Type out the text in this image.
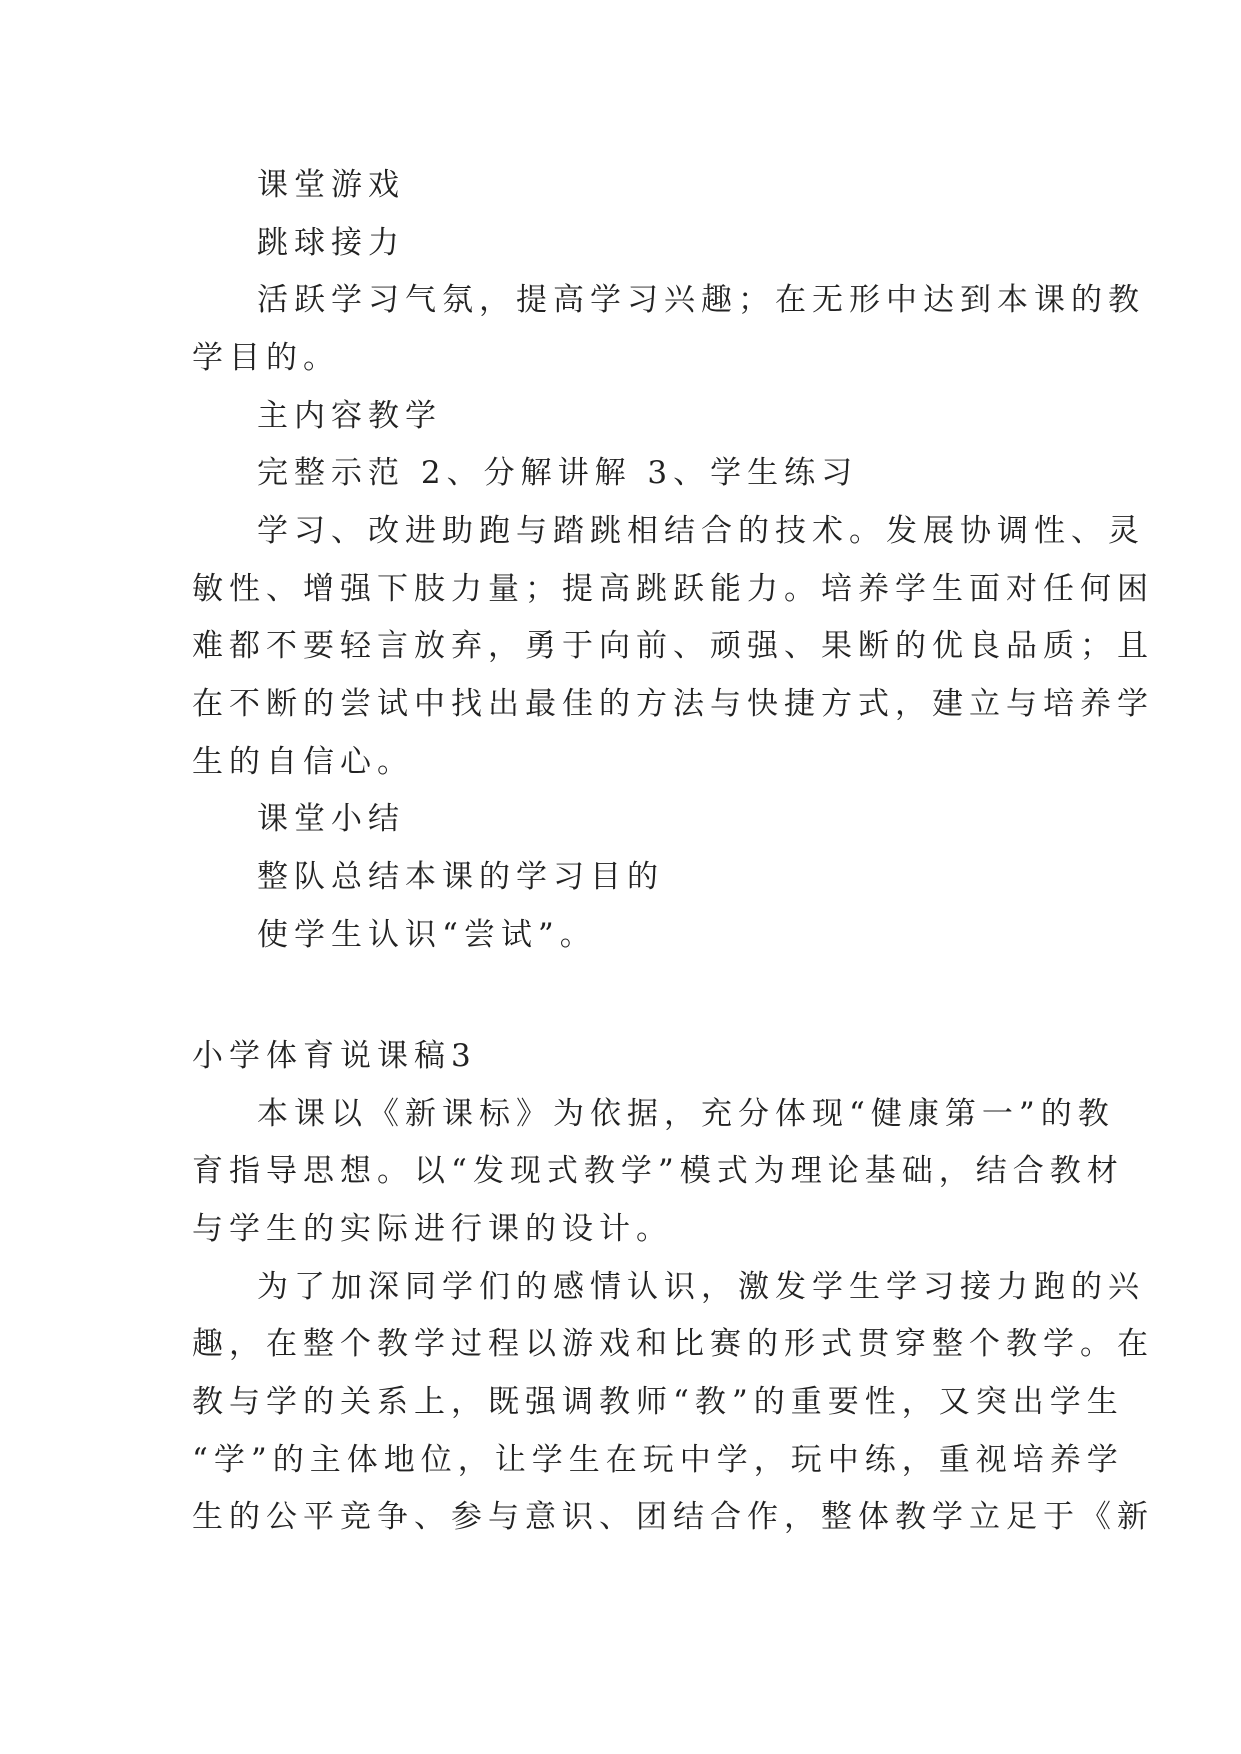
课堂游戏
跳球接力
活跃学习气氛，提高学习兴趣；在无形中达到本课的教
学目的。
主内容教学
完整示范 2、分解讲解 3、学生练习
学习、改进助跑与踏跳相结合的技术。发展协调性、灵
敏性、增强下肢力量；提高跳跃能力。培养学生面对任何困
难都不要轻言放弃，勇于向前、顽强、果断的优良品质；且
在不断的尝试中找出最佳的方法与快捷方式，建立与培养学
生的自信心。
课堂小结
整队总结本课的学习目的
使学生认识“尝试”。
小学体育说课稿3
本课以《新课标》为依据，充分体现“健康第一”的教
育指导思想。以“发现式教学”模式为理论基础，结合教材
与学生的实际进行课的设计。
为了加深同学们的感情认识，激发学生学习接力跑的兴
趣，在整个教学过程以游戏和比赛的形式贯穿整个教学。在
教与学的关系上，既强调教师“教”的重要性，又突出学生
“学”的主体地位，让学生在玩中学，玩中练，重视培养学
生的公平竞争、参与意识、团结合作，整体教学立足于《新
